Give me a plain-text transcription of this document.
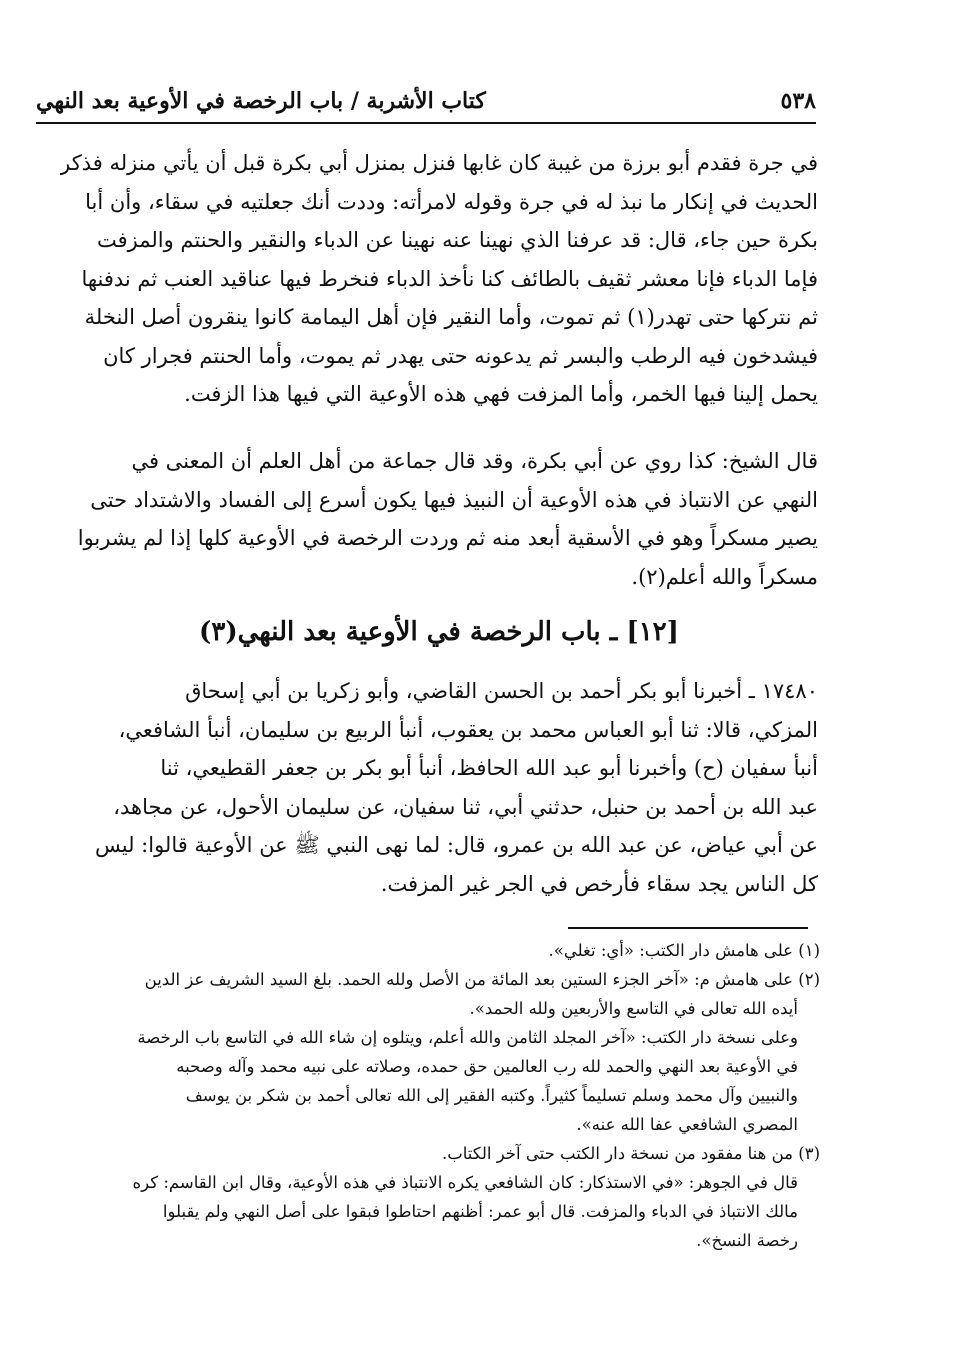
٥٣٨
كتاب الأشربة / باب الرخصة في الأوعية بعد النهي
في جرة فقدم أبو برزة من غيبة كان غابها فنزل بمنزل أبي بكرة قبل أن يأتي منزله فذكر
الحديث في إنكار ما نبذ له في جرة وقوله لامرأته: وددت أنك جعلتيه في سقاء، وأن أبا
بكرة حين جاء، قال: قد عرفنا الذي نهينا عنه نهينا عن الدباء والنقير والحنتم والمزفت
فإما الدباء فإنا معشر ثقيف بالطائف كنا نأخذ الدباء فنخرط فيها عناقيد العنب ثم ندفنها
ثم نتركها حتى تهدر(١) ثم تموت، وأما النقير فإن أهل اليمامة كانوا ينقرون أصل النخلة
فيشدخون فيه الرطب والبسر ثم يدعونه حتى يهدر ثم يموت، وأما الحنتم فجرار كان
يحمل إلينا فيها الخمر، وأما المزفت فهي هذه الأوعية التي فيها هذا الزفت.
قال الشيخ: كذا روي عن أبي بكرة، وقد قال جماعة من أهل العلم أن المعنى في
النهي عن الانتباذ في هذه الأوعية أن النبيذ فيها يكون أسرع إلى الفساد والاشتداد حتى
يصير مسكراً وهو في الأسقية أبعد منه ثم وردت الرخصة في الأوعية كلها إذا لم يشربوا
مسكراً والله أعلم(٢).
[١٢] ـ باب الرخصة في الأوعية بعد النهي(٣)
١٧٤٨٠ ـ أخبرنا أبو بكر أحمد بن الحسن القاضي، وأبو زكريا بن أبي إسحاق
المزكي، قالا: ثنا أبو العباس محمد بن يعقوب، أنبأ الربيع بن سليمان، أنبأ الشافعي،
أنبأ سفيان (ح) وأخبرنا أبو عبد الله الحافظ، أنبأ أبو بكر بن جعفر القطيعي، ثنا
عبد الله بن أحمد بن حنبل، حدثني أبي، ثنا سفيان، عن سليمان الأحول، عن مجاهد،
عن أبي عياض، عن عبد الله بن عمرو، قال: لما نهى النبي ﷺ عن الأوعية قالوا: ليس
كل الناس يجد سقاء فأرخص في الجر غير المزفت.
(١) على هامش دار الكتب: «أي: تغلي».
(٢) على هامش م: «آخر الجزء الستين بعد المائة من الأصل ولله الحمد. بلغ السيد الشريف عز الدين
أيده الله تعالى في التاسع والأربعين ولله الحمد».
وعلى نسخة دار الكتب: «آخر المجلد الثامن والله أعلم، ويتلوه إن شاء الله في التاسع باب الرخصة
في الأوعية بعد النهي والحمد لله رب العالمين حق حمده، وصلاته على نبيه محمد وآله وصحبه
والنبيين وآل محمد وسلم تسليماً كثيراً. وكتبه الفقير إلى الله تعالى أحمد بن شكر بن يوسف
المصري الشافعي عفا الله عنه».
(٣) من هنا مفقود من نسخة دار الكتب حتى آخر الكتاب.
قال في الجوهر: «في الاستذكار: كان الشافعي يكره الانتباذ في هذه الأوعية، وقال ابن القاسم: كره
مالك الانتباذ في الدباء والمزفت. قال أبو عمر: أظنهم احتاطوا فبقوا على أصل النهي ولم يقبلوا
رخصة النسخ».
